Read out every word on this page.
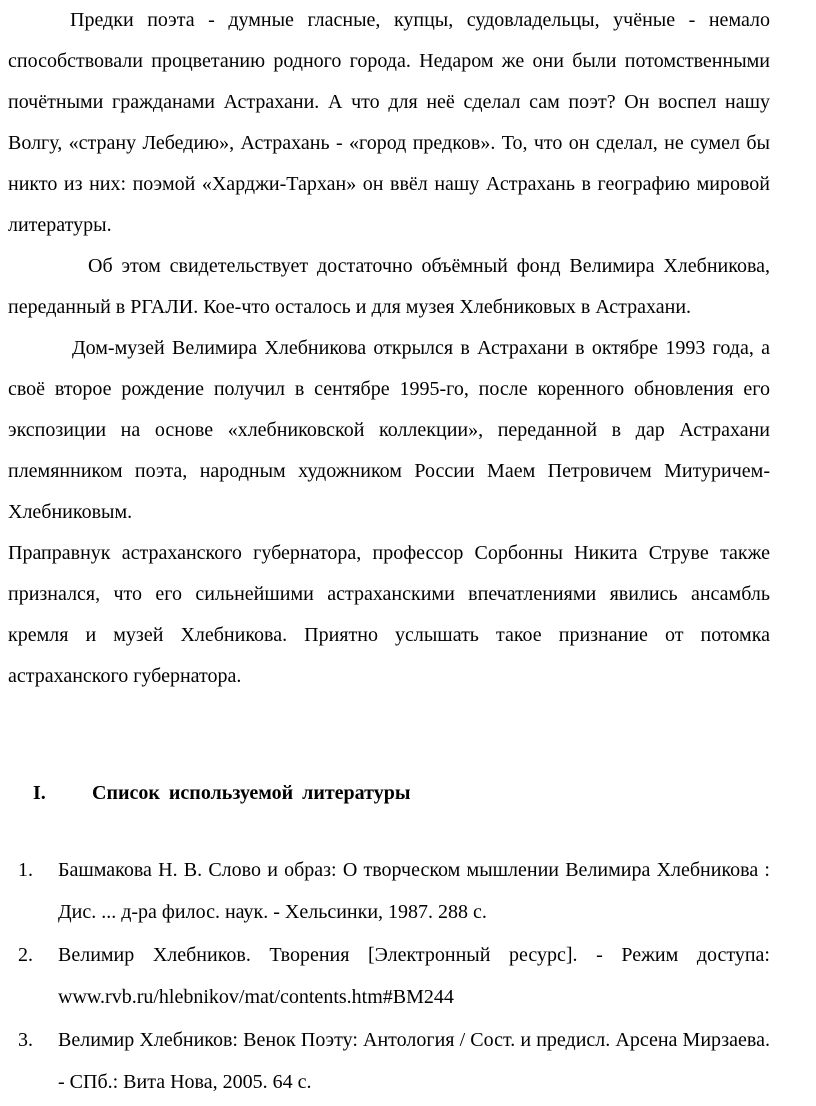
Предки поэта - думные гласные, купцы, судовладельцы, учёные - немало способствовали процветанию родного города. Недаром же они были потомственными почётными гражданами Астрахани. А что для неё сделал сам поэт? Он воспел нашу Волгу, «страну Лебедию», Астрахань - «город предков». То, что он сделал, не сумел бы никто из них: поэмой «Харджи-Тархан» он ввёл нашу Астрахань в географию мировой литературы.

Об этом свидетельствует достаточно объёмный фонд Велимира Хлебникова, переданный в РГАЛИ. Кое-что осталось и для музея Хлебниковых в Астрахани.

Дом-музей Велимира Хлебникова открылся в Астрахани в октябре 1993 года, а своё второе рождение получил в сентябре 1995-го, после коренного обновления его экспозиции на основе «хлебниковской коллекции», переданной в дар Астрахани племянником поэта, народным художником России Маем Петровичем Митуричем-Хлебниковым.

Праправнук астраханского губернатора, профессор Сорбонны Никита Струве также признался, что его сильнейшими астраханскими впечатлениями явились ансамбль кремля и музей Хлебникова. Приятно услышать такое признание от потомка астраханского губернатора.

I. Список используемой литературы
1. Башмакова Н. В. Слово и образ: О творческом мышлении Велимира Хлебникова : Дис. ... д-ра филос. наук. - Хельсинки, 1987. 288 с.
2. Велимир Хлебников. Творения [Электронный ресурс]. - Режим доступа: www.rvb.ru/hlebnikov/mat/contents.htm#BM244
3. Велимир Хлебников: Венок Поэту: Антология / Сост. и предисл. Арсена Мирзаева. - СПб.: Вита Нова, 2005. 64 с.
